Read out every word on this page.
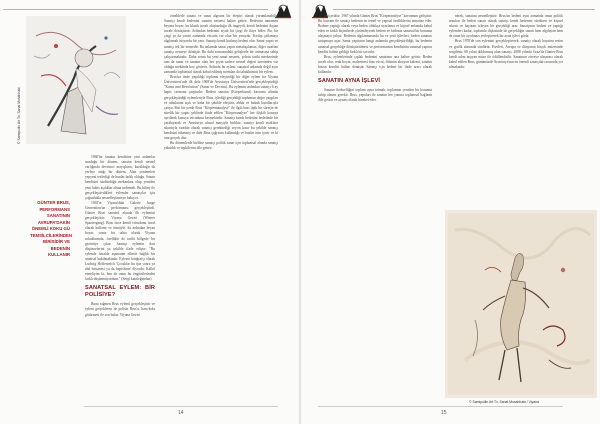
© Samipullin Art Tv, Sanat Mosahhabi
GÜNTER BRUS,
PERFORMANS
SANATININ
AVRUPA'DAKİN
ÖNEMLİ KOKU GÜ
TEMSİLCİLERİNDEN
BİRİSİDİR VE
BEDENİN
KULLANIR

1960'lar sanatın kendisine yeni anlamlar sunduğu bir dönem, sanatın kendi nesnel varlığında devrimci arayışların, kurulduğu da yerlere attığı bir dönem. Alan yöntemleri yepyeni tezlerliği de bunlar farklı olduğu. Sanatı kendisini sürdürdüğü mekanlara olup yeniden yeni bahis aşılıklar altına indirmek. Bu bilinç ile gerçekleştir-dikleri eylemler sanatçılar için çoğunlukla nesnelleştirmeye bakıyor.

1965'te Viyana'daki Galerie Junge Generation'un performansı gerçekleştirdi. Günter Brus sansürü akında ilk eylemini gerçekleştirir: Viyana Gezisi (Wiener Spaziergang). Brus önce kendi vücudunu tuval olarak kullanır ve tümüyle, da ardından beyaz boyar, sonra bir tahta olarak Viyana sokaklarında, özellikle de tarihi bölgede bir gezintiye çıkar. Sanatçı eylemin daır düşüncelerini şu şekilde ifade ediyor: "Bu eylemle tuvalde aşamanın elbette bağlık bir sanatsal bakılmaktadır. Eylemi fotoğrafçı olarak Ludwig Hoffenreich 'Çocuklar bu işin sonra ya ahd hastanesi ya da hapishane' diyordu. Kalkıl etmeliyim ki, ben de onun bu öngörülerinden farklı düşünmüyordum." (Sergi kataloğundan)

SANATSAL EYLEM: BİR POLİSİYE?

Buna rağmen Brus eylemi gerçekleştirir ve eylem gerçekleren de polisin Brus'u, kara-kola götürmesi ile son bulur. Viyana Gezisi

örneklerle sanata ve sanat algısına bir eleştiri olarak yorumlanabilir. Sanatçı kendi bedenini sanatın nesnesi haline getirir. Bedenini tamamen beyaza boyar; bu klasik tuvali oluşturduğu ilk imgeydi, kendi bedenini dıştan tuvale dönüştürür. Ardından bedenini siyah bir çizgi ile ikiye böler. Bu, bir çizgi ya da yarım zamanda vücutta var olan bir yaraydır. Kırılıp çatlamayı algılamak istiyordu bir yara. Sanatçı kendi kırılmış bedeni olur. Sanat yapıtı ve sanatçı tek bir nesnedir. Bu anlamda sanat yapıtı metalaşılamaz, diğer taraftan sanatçı nesneye dönüşür. Bu dahi sonrasındaki gelişlerde bir artmasına sahip çalıştırmaktadır. Daha sonra bu yeni sanat nesnesi, şehrin tarihi merkezinde tam da sanat ve sanatın olan her şeyin sadece nesnel değeri üzerinden var olduğu mekânda boy gösterir. Ardında bu eylem, sanatsal anlamda değil aynı zamanda toplumsal olarak kabul edilmiş normları da tahakkümcü bir eylem.

Brus'un önde yapıldığı toplumu eleştirdiği bir diğer eylem ise Viyana Üniversitesi'nde ilk defa 1968'de Avusturya Üniversitesi'nde gerçekleştirdiği "Kunst und Revolution" (Sanat ve Devrim). Bu eylemin ardından sanatçı 6 ay hapis cezasına çarptırılır. Bedeni sanatın (Körperkunst) kavramı altında gerçekleştirdiği eylemleriyle Brus, işlediği gerçekliği toplumun değer yargıları ve tabularına açık ve kaba bir şekilde eleştirir, ahlak ve hukuk kurallarıyla çatışır. Biri bir yerde Brus "Körpermanalyse" ile ilgili bazı tipik bir süreçte de sürelik bir yapıtı şeklinde ifade edilen "Körperanalyse" her ilişkili konuya ayrılarak konuya vücudunu kesmektedir. Sanatçı kendi bedenini hedefinde bir yaralayarak ve Avusturya ulusal marşıyla birlikte, sanatçı kendi ayaklara sıkıntıyla sıradan olarak sanatçı gerektirdiği seyrin kasır bu şekilde sanatçı kendisini tüketmiş ve dahi Brus çağrısını kullandığı ve bunlar tüm içerir ve ki onu gerçek olur.

Bu dönemlerde birlikte sanatçı politik sanat için toplumsal alanda sanatçı yakınlık ve tepkilerini dile getirir.

14

ve içeriktir. 1967 yılında Günter Brus "Körperanalyse" kavramını geliştirir. Bu kavram ile sanatçı bedenin en temel ve yapısal özelliklerini tematize eder. Bedene yaptığı olarak veya beden oldukça uyarlama ve kişisel anlamda kabul eden ve farklı biçimlerde çözümleyerek bedeni ve bedenin sanatsal bir konuma ulaşmaya çalışır. Bedenin algılanmasında bu ve yeni işlevleri, beden sanatını tartışmaya açar. Sanat yapıtının hangi anlamda gerçekleştirildiği, bu bedenin sanatsal gerçekliğe dönüştürülmesi ve performansın kendisinin sanatsal yapıtın kendisi haline geldiği farklı bir tavırdır.

Brus, eylemlerinde çıplak bedenini sanatının ana haline getirir. Beden tuvali olur, renk boyar, malzemesi tüm vücut, ölümün aksiyon kalemi, sanatın bizzat kendisi haline dönüşür. Sanatçı için bedeni bir ifade aracı olarak kullanılır.

SANATIN AYNA İŞLEVİ

Sanatın fizikselliğini toplum ayna tutmalı, toplumun yeniden bir konuma sahip olması gerekir. Brus, yapıtları ile sanatın her yanına toplumsal bağlamı dile getirir ve aynası olarak hareket eder.

nerek, sanatını nesnelleştirir. Brus'un bedeni aynı zamanda onun politik arzuları ile beden sanatı olarak sanatçı kendi bedenini sürdüren ve kişisel sıkıntı ve hayatını izleyen bir gerçekliği arar. Sanatçının bedeni ve yaptığı eylemleri kadar, toplumla ilişkisinde de gerçekliğin sanatı hem algılayan hem de onun bir ayrılmazı yerleştirerek bir ayna işlevi görür.

Brus 1970'de son eylemini gerçekleştirerek, sanatçı olarak hayatını resim ve grafik alanında sürdürür. Eserleri, Avrupa ve dünyanın birçok müzesinde sergilenir. 60 yılını doldurmuş olan sanatçı, 2008 yılında Graz'da Günter Brus kendi adını taşıyan müze ile ödüllendirilir. Sanatının zirveye ulaşması olarak kabul edilen Brus, günümüzde Avusturya'nın en önemli sanatçıları arasında yer almaktadır.

© Samipullin Art Tv, Sanat Mosahhabi / Viyana
15
